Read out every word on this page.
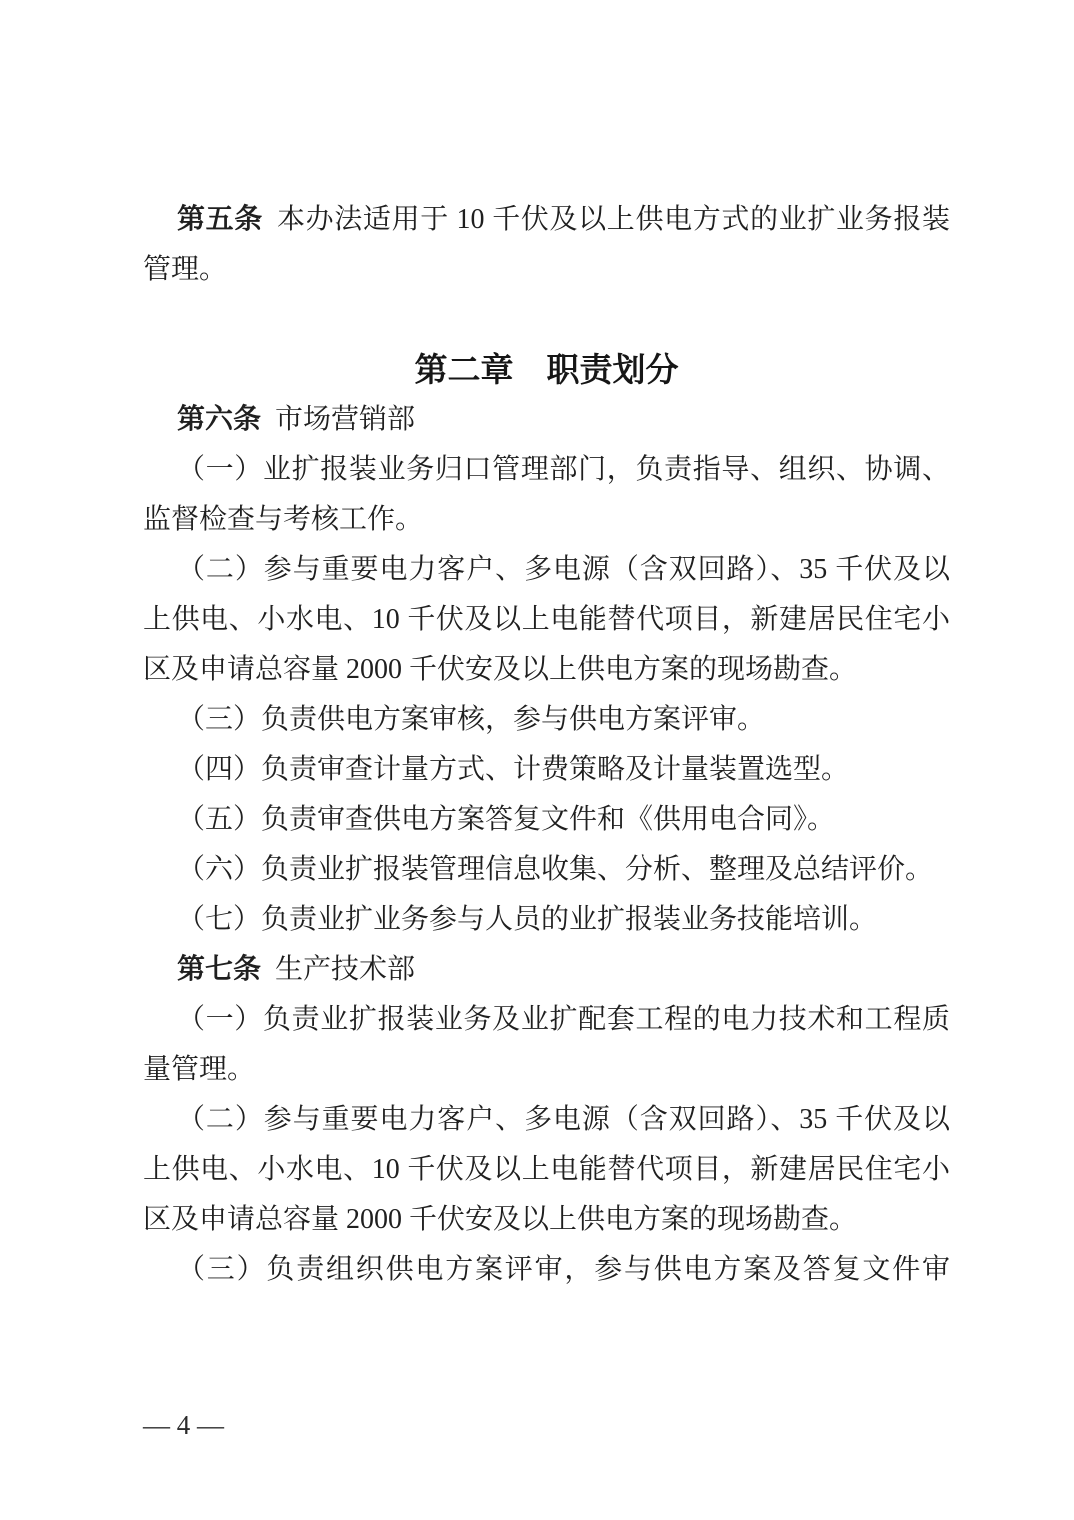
第五条 本办法适用于 10 千伏及以上供电方式的业扩业务报装管理。

第二章　职责划分

第六条 市场营销部

（一）业扩报装业务归口管理部门，负责指导、组织、协调、监督检查与考核工作。

（二）参与重要电力客户、多电源（含双回路）、35 千伏及以上供电、小水电、10 千伏及以上电能替代项目，新建居民住宅小区及申请总容量 2000 千伏安及以上供电方案的现场勘查。

（三）负责供电方案审核，参与供电方案评审。

（四）负责审查计量方式、计费策略及计量装置选型。

（五）负责审查供电方案答复文件和《供用电合同》。

（六）负责业扩报装管理信息收集、分析、整理及总结评价。

（七）负责业扩业务参与人员的业扩报装业务技能培训。

第七条 生产技术部

（一）负责业扩报装业务及业扩配套工程的电力技术和工程质量管理。

（二）参与重要电力客户、多电源（含双回路）、35 千伏及以上供电、小水电、10 千伏及以上电能替代项目，新建居民住宅小区及申请总容量 2000 千伏安及以上供电方案的现场勘查。

（三）负责组织供电方案评审，参与供电方案及答复文件审

— 4 —
